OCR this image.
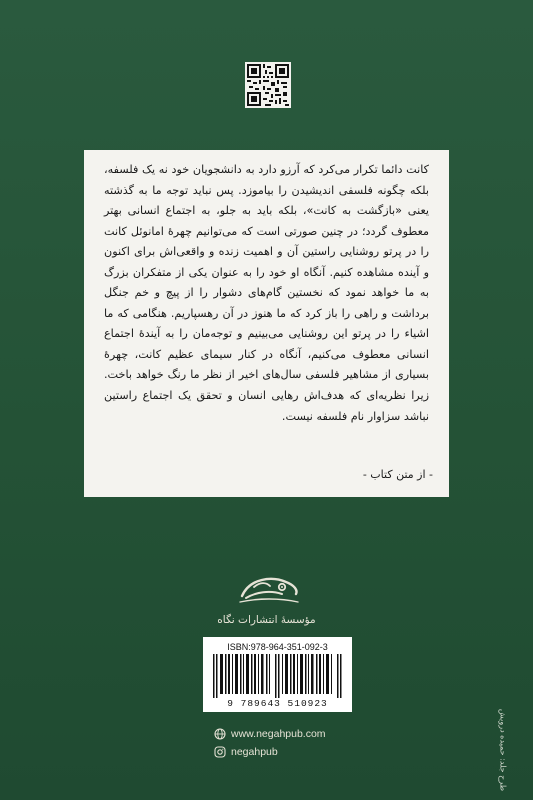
کانت دائما تکرار می‌کرد که آرزو دارد به دانشجویان خود نه یک فلسفه، بلکه چگونه فلسفی اندیشیدن را بیاموزد. پس نباید توجه ما به گذشته یعنی «بازگشت به کانت»، بلکه باید به جلو، به اجتماع انسانی بهتر معطوف گردد؛ در چنین صورتی است که می‌توانیم چهرهٔ امانوئل کانت را در پرتو روشنایی راستین آن و اهمیت زنده و واقعی‌اش برای اکنون و آینده مشاهده کنیم. آنگاه او خود را به عنوان یکی از متفکران بزرگ به ما خواهد نمود که نخستین گام‌های دشوار را از پیچ و خم جنگل برداشت و راهی را باز کرد که ما هنوز در آن رهسپاریم. هنگامی که ما اشیاء را در پرتو این روشنایی می‌بینیم و توجه‌مان را به آیندهٔ اجتماع انسانی معطوف می‌کنیم، آنگاه در کنار سیمای عظیم کانت، چهرهٔ بسیاری از مشاهیر فلسفی سال‌های اخیر از نظر ما رنگ خواهد باخت. زیرا نظریه‌ای که هدف‌اش رهایی انسان و تحقق یک اجتماع راستین نباشد سزاوار نام فلسفه نیست.

- از متن کتاب -
مؤسسهٔ انتشارات نگاه
ISBN:978-964-351-092-3
9 789643 510923
www.negahpub.com
negahpub	طرح جلد: حمیده درویش
